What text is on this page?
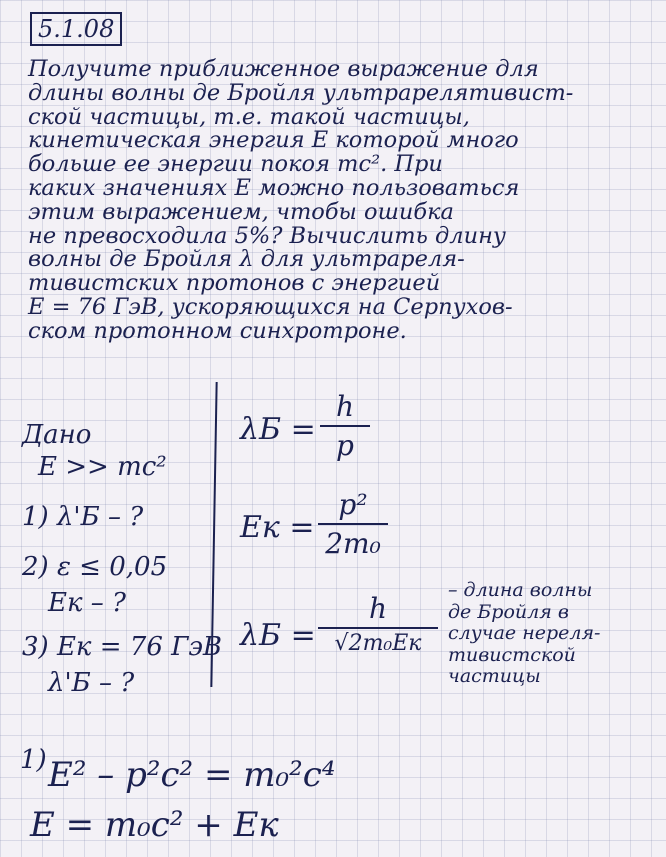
5.1.08
Получите приближенное выражение для
длины волны де Бройля ультрарелятивист-
ской частицы, т.е. такой частицы,
кинетическая энергия E которой много
больше ее энергии покоя mc². При
каких значениях E можно пользоваться
этим выражением, чтобы ошибка
не превосходила 5%? Вычислить длину
волны де Бройля λ для ультрареля-
тивистских протонов с энергией
E = 76 ГэВ, ускоряющихся на Серпухов-
ском протонном синхротроне.
Дано
E >> mc²
1) λ'Б – ?
2) ε ≤ 0,05
Eк – ?
3) Eк = 76 ГэВ
λ'Б – ?
λБ =
h
p
Eк =
p²
2m₀
λБ =
h
√2m₀Eк
– длина волны
де Бройля в
случае нереля-
тивистской
частицы
1) E² – p²c² = m₀²c⁴
E = m₀c² + Eк
